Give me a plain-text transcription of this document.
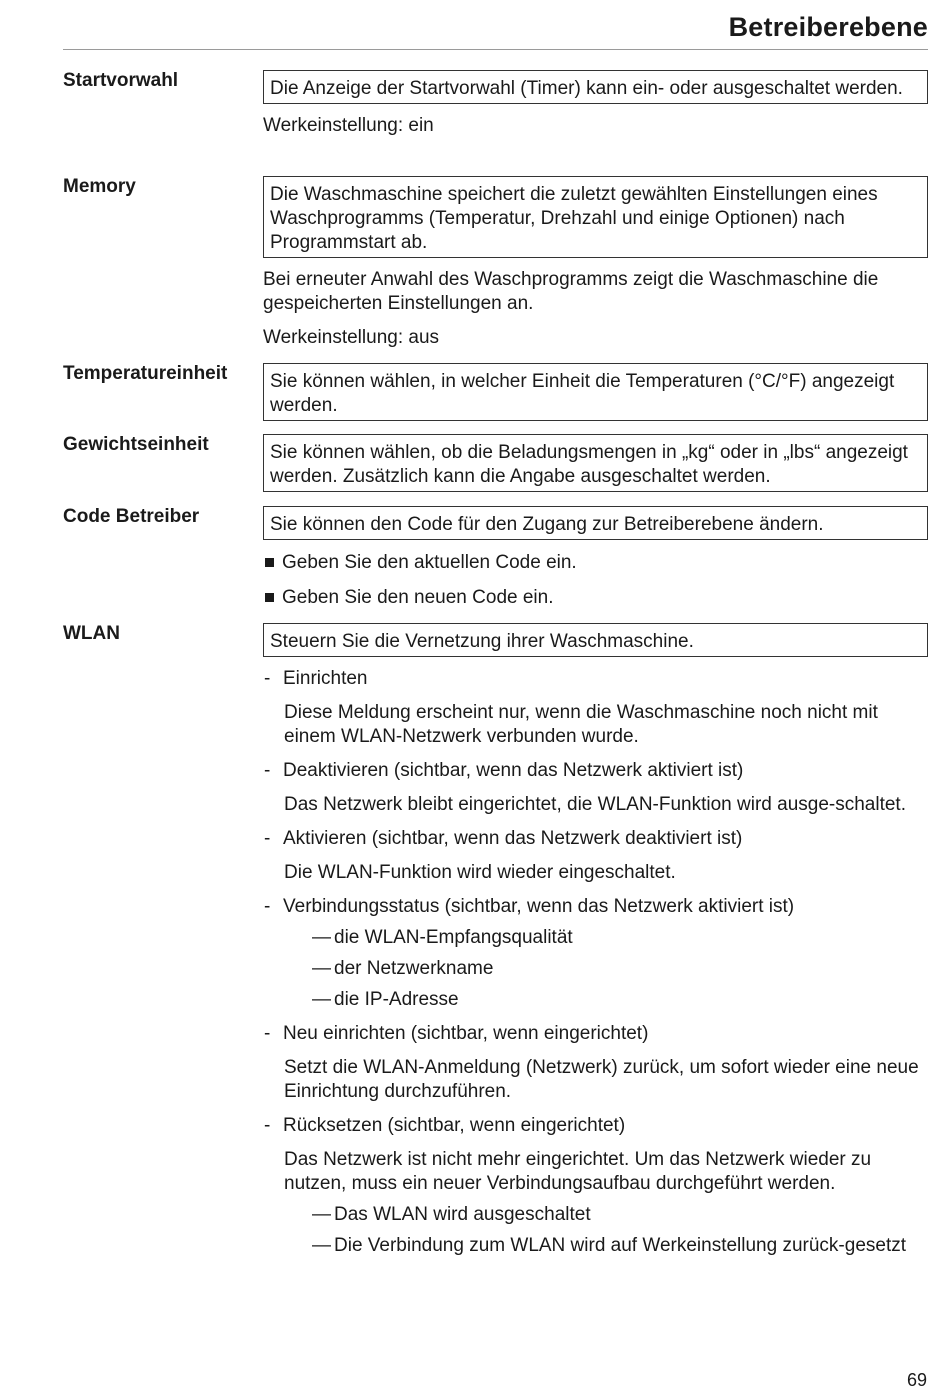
Betreiberebene
Startvorwahl	Die Anzeige der Startvorwahl (Timer) kann ein- oder ausgeschaltet werden.
Werkeinstellung: ein
Memory	Die Waschmaschine speichert die zuletzt gewählten Einstellungen eines Waschprogramms (Temperatur, Drehzahl und einige Optionen) nach Programmstart ab.
Bei erneuter Anwahl des Waschprogramms zeigt die Waschmaschine die gespeicherten Einstellungen an.
Werkeinstellung: aus
Temperatureinheit	Sie können wählen, in welcher Einheit die Temperaturen (°C/°F) angezeigt werden.
Gewichtseinheit	Sie können wählen, ob die Beladungsmengen in „kg“ oder in „lbs“ angezeigt werden. Zusätzlich kann die Angabe ausgeschaltet werden.
Code Betreiber	Sie können den Code für den Zugang zur Betreiberebene ändern.
Geben Sie den aktuellen Code ein.
Geben Sie den neuen Code ein.
WLAN	Steuern Sie die Vernetzung ihrer Waschmaschine.
- Einrichten
Diese Meldung erscheint nur, wenn die Waschmaschine noch nicht mit einem WLAN-Netzwerk verbunden wurde.
- Deaktivieren (sichtbar, wenn das Netzwerk aktiviert ist)
Das Netzwerk bleibt eingerichtet, die WLAN-Funktion wird ausge-schaltet.
- Aktivieren (sichtbar, wenn das Netzwerk deaktiviert ist)
Die WLAN-Funktion wird wieder eingeschaltet.
- Verbindungsstatus (sichtbar, wenn das Netzwerk aktiviert ist)
— die WLAN-Empfangsqualität
— der Netzwerkname
— die IP-Adresse
- Neu einrichten (sichtbar, wenn eingerichtet)
Setzt die WLAN-Anmeldung (Netzwerk) zurück, um sofort wieder eine neue Einrichtung durchzuführen.
- Rücksetzen (sichtbar, wenn eingerichtet)
Das Netzwerk ist nicht mehr eingerichtet. Um das Netzwerk wieder zu nutzen, muss ein neuer Verbindungsaufbau durchgeführt werden.
— Das WLAN wird ausgeschaltet
— Die Verbindung zum WLAN wird auf Werkeinstellung zurück-gesetzt
69
